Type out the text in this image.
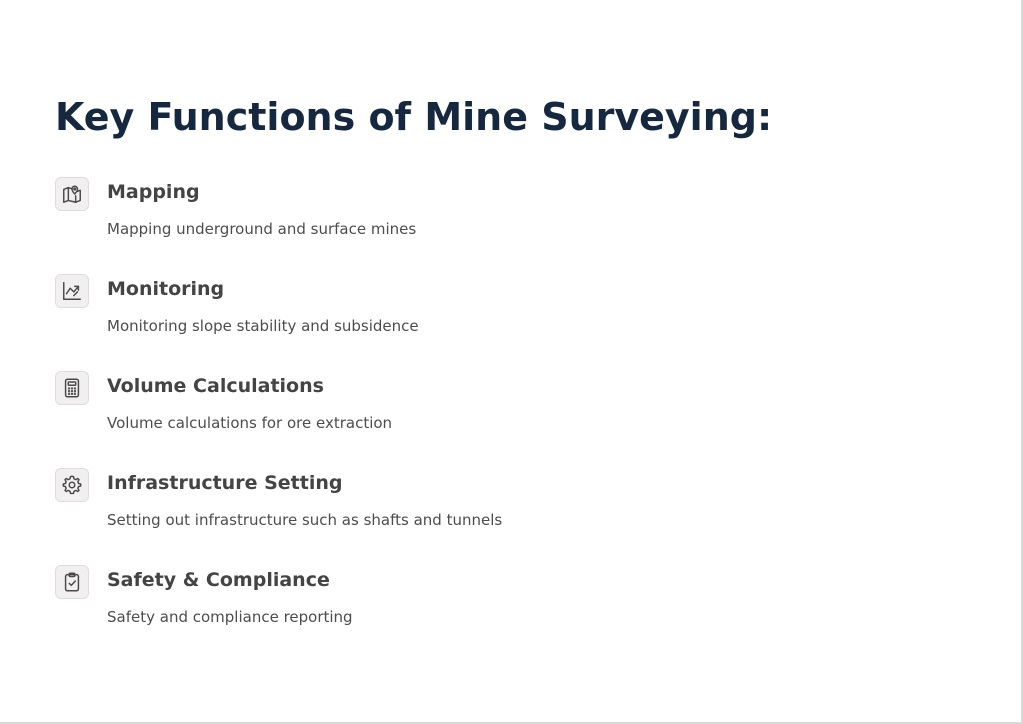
Key Functions of Mine Surveying:
Mapping
Mapping underground and surface mines
Monitoring
Monitoring slope stability and subsidence
Volume Calculations
Volume calculations for ore extraction
Infrastructure Setting
Setting out infrastructure such as shafts and tunnels
Safety & Compliance
Safety and compliance reporting
